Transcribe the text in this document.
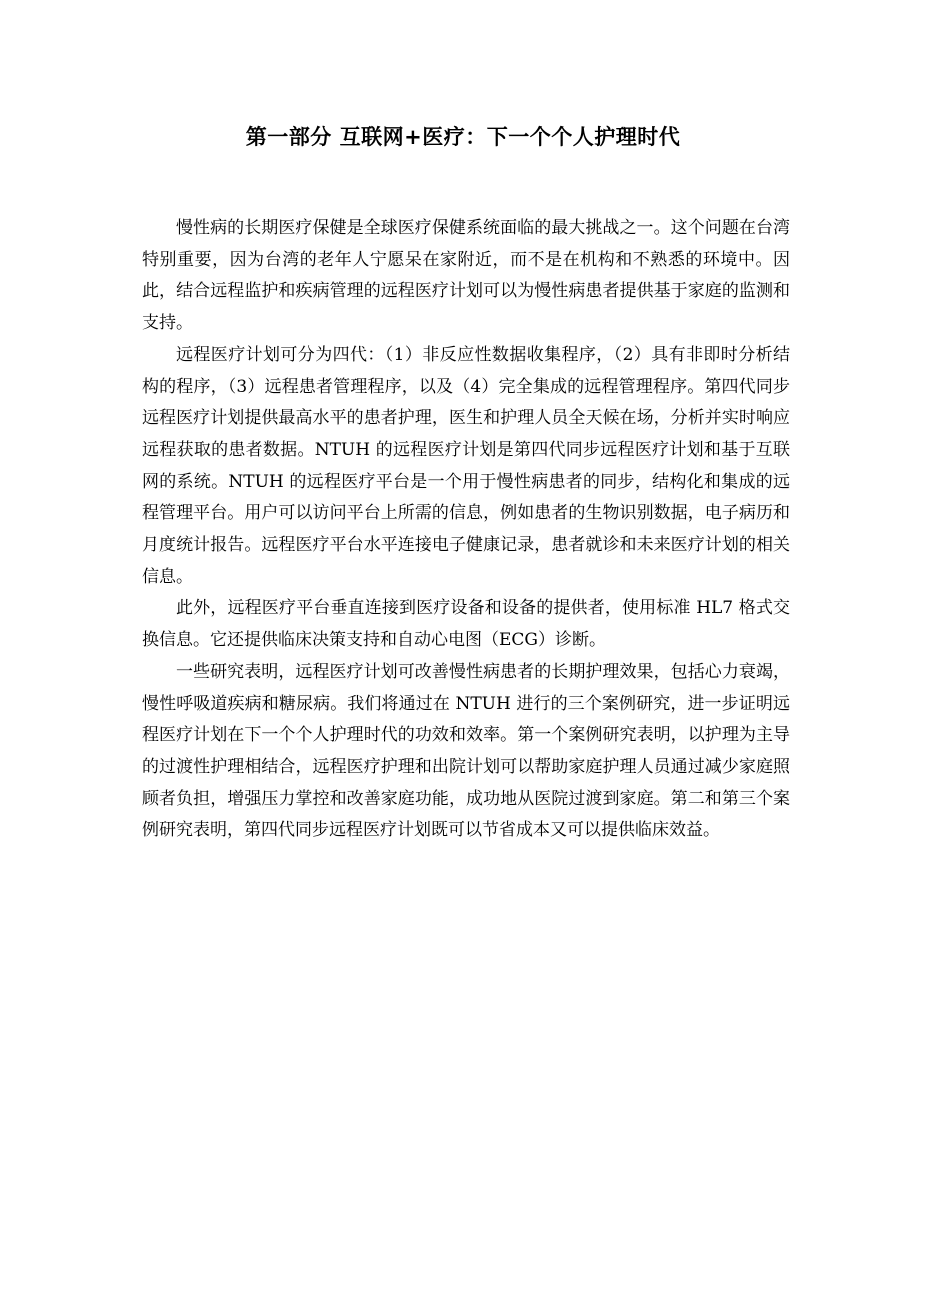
第一部分 互联网+医疗：下一个个人护理时代

慢性病的长期医疗保健是全球医疗保健系统面临的最大挑战之一。这个问题在台湾特别重要，因为台湾的老年人宁愿呆在家附近，而不是在机构和不熟悉的环境中。因此，结合远程监护和疾病管理的远程医疗计划可以为慢性病患者提供基于家庭的监测和支持。

远程医疗计划可分为四代：（1）非反应性数据收集程序，（2）具有非即时分析结构的程序，（3）远程患者管理程序，以及（4）完全集成的远程管理程序。第四代同步远程医疗计划提供最高水平的患者护理，医生和护理人员全天候在场，分析并实时响应远程获取的患者数据。NTUH 的远程医疗计划是第四代同步远程医疗计划和基于互联网的系统。NTUH 的远程医疗平台是一个用于慢性病患者的同步，结构化和集成的远程管理平台。用户可以访问平台上所需的信息，例如患者的生物识别数据，电子病历和月度统计报告。远程医疗平台水平连接电子健康记录，患者就诊和未来医疗计划的相关信息。

此外，远程医疗平台垂直连接到医疗设备和设备的提供者，使用标准 HL7 格式交换信息。它还提供临床决策支持和自动心电图（ECG）诊断。

一些研究表明，远程医疗计划可改善慢性病患者的长期护理效果，包括心力衰竭，慢性呼吸道疾病和糖尿病。我们将通过在 NTUH 进行的三个案例研究，进一步证明远程医疗计划在下一个个人护理时代的功效和效率。第一个案例研究表明，以护理为主导的过渡性护理相结合，远程医疗护理和出院计划可以帮助家庭护理人员通过减少家庭照顾者负担，增强压力掌控和改善家庭功能，成功地从医院过渡到家庭。第二和第三个案例研究表明，第四代同步远程医疗计划既可以节省成本又可以提供临床效益。
